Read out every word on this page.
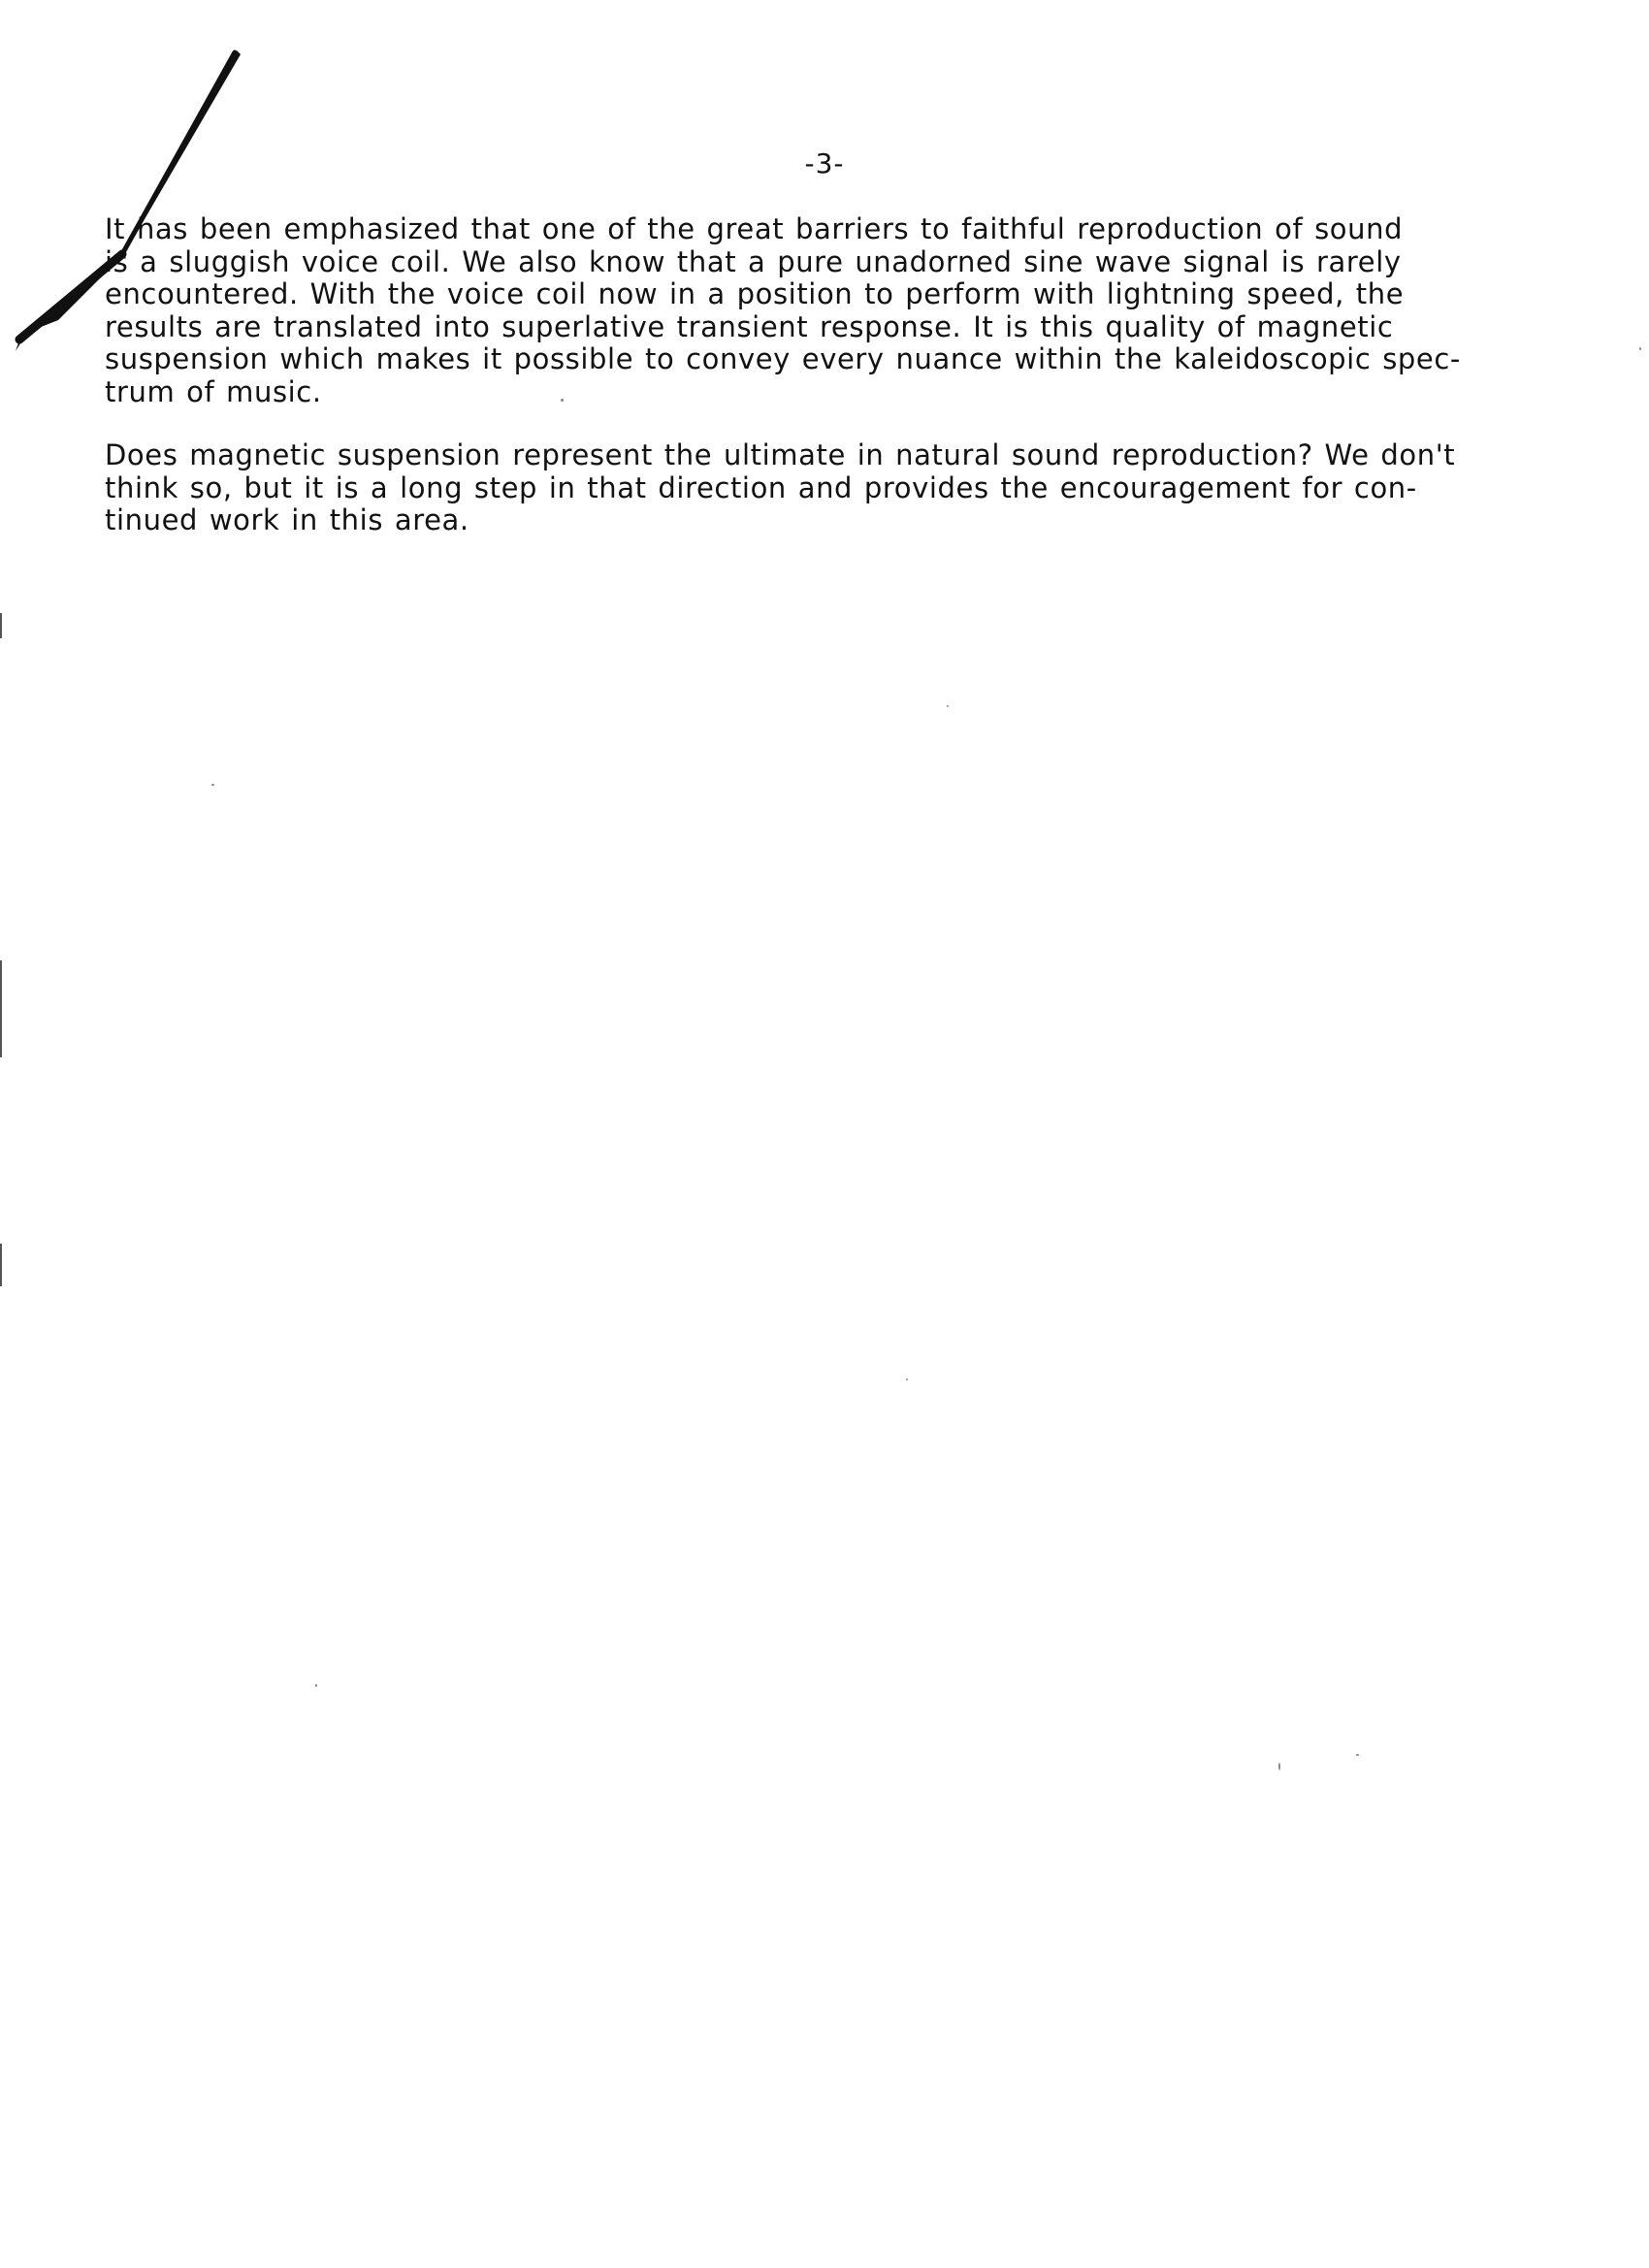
-3-
It has been emphasized that one of the great barriers to faithful reproduction of sound
is a sluggish voice coil. We also know that a pure unadorned sine wave signal is rarely
encountered. With the voice coil now in a position to perform with lightning speed, the
results are translated into superlative transient response. It is this quality of magnetic
suspension which makes it possible to convey every nuance within the kaleidoscopic spec-
trum of music.
Does magnetic suspension represent the ultimate in natural sound reproduction? We don't
think so, but it is a long step in that direction and provides the encouragement for con-
tinued work in this area.
